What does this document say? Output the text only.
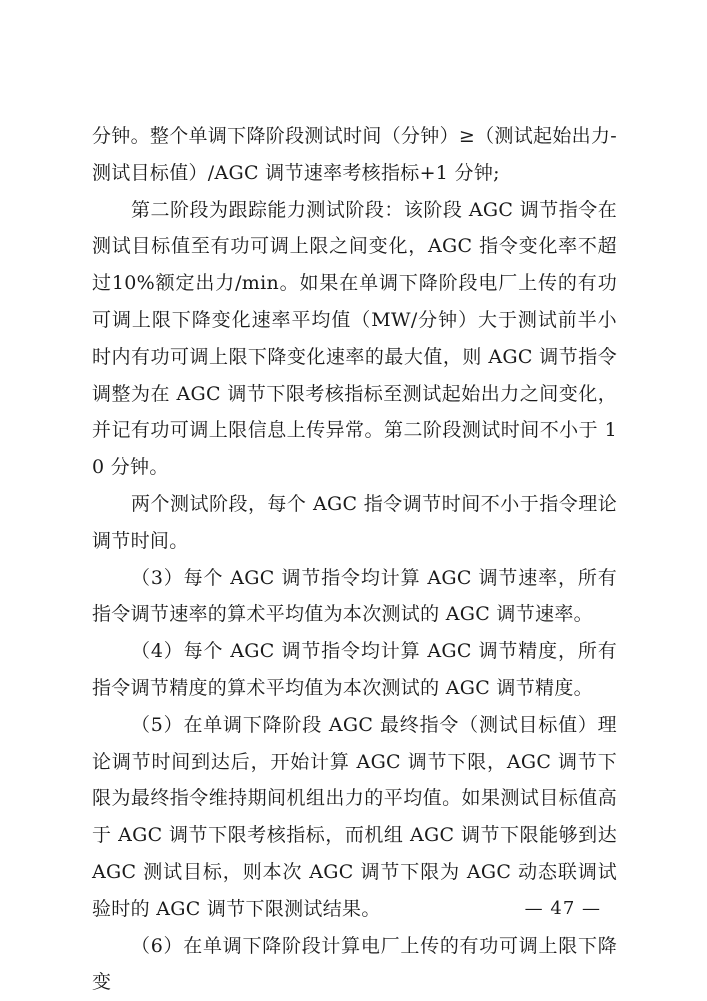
分钟。整个单调下降阶段测试时间（分钟）≥（测试起始出力-测试目标值）/AGC 调节速率考核指标+1 分钟;

第二阶段为跟踪能力测试阶段：该阶段 AGC 调节指令在测试目标值至有功可调上限之间变化，AGC 指令变化率不超过10%额定出力/min。如果在单调下降阶段电厂上传的有功可调上限下降变化速率平均值（MW/分钟）大于测试前半小时内有功可调上限下降变化速率的最大值，则 AGC 调节指令调整为在 AGC 调节下限考核指标至测试起始出力之间变化，并记有功可调上限信息上传异常。第二阶段测试时间不小于 10 分钟。

两个测试阶段，每个 AGC 指令调节时间不小于指令理论调节时间。

（3）每个 AGC 调节指令均计算 AGC 调节速率，所有指令调节速率的算术平均值为本次测试的 AGC 调节速率。

（4）每个 AGC 调节指令均计算 AGC 调节精度，所有指令调节精度的算术平均值为本次测试的 AGC 调节精度。

（5）在单调下降阶段 AGC 最终指令（测试目标值）理论调节时间到达后，开始计算 AGC 调节下限，AGC 调节下限为最终指令维持期间机组出力的平均值。如果测试目标值高于 AGC 调节下限考核指标，而机组 AGC 调节下限能够到达 AGC 测试目标，则本次 AGC 调节下限为 AGC 动态联调试验时的 AGC 调节下限测试结果。

（6）在单调下降阶段计算电厂上传的有功可调上限下降变

— 47 —
